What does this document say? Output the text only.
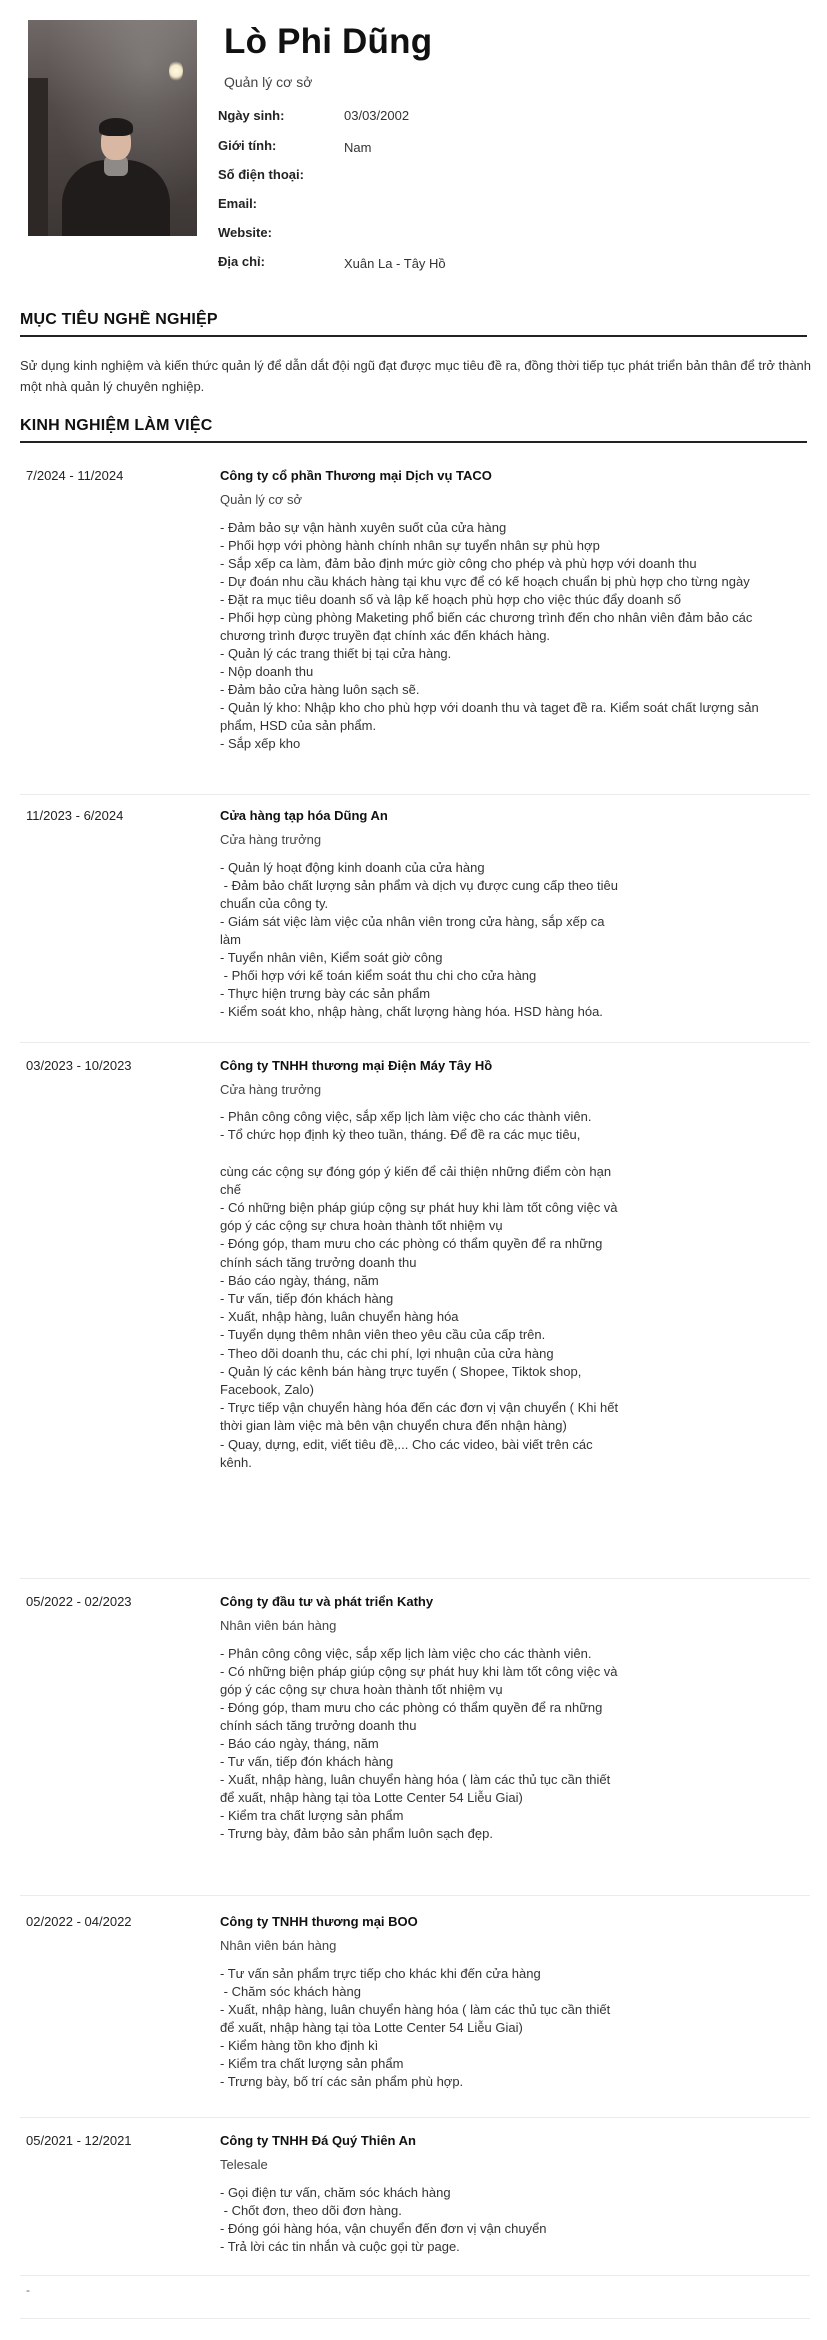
Lò Phi Dũng
Quản lý cơ sở
Ngày sinh:	03/03/2002
Giới tính:	Nam
Số điện thoại:
Email:
Website:
Địa chỉ:	Xuân La - Tây Hồ
MỤC TIÊU NGHỀ NGHIỆP
Sử dụng kinh nghiệm và kiến thức quản lý để dẫn dắt đội ngũ đạt được mục tiêu đề ra, đồng thời tiếp tục phát triển bản thân để trở thành một nhà quản lý chuyên nghiệp.
KINH NGHIỆM LÀM VIỆC
7/2024 - 11/2024	Công ty cổ phần Thương mại Dịch vụ TACO
Quản lý cơ sở

- Đảm bảo sự vận hành xuyên suốt của cửa hàng
- Phối hợp với phòng hành chính nhân sự tuyển nhân sự phù hợp
- Sắp xếp ca làm, đảm bảo định mức giờ công cho phép và phù hợp với doanh thu
- Dự đoán nhu cầu khách hàng tại khu vực để có kế hoạch chuẩn bị phù hợp cho từng ngày
- Đặt ra mục tiêu doanh số và lập kế hoạch phù hợp cho việc thúc đẩy doanh số
- Phối hợp cùng phòng Maketing phổ biến các chương trình đến cho nhân viên đảm bảo các chương trình được truyền đạt chính xác đến khách hàng.
- Quản lý các trang thiết bị tại cửa hàng.
- Nộp doanh thu
- Đảm bảo cửa hàng luôn sạch sẽ.
- Quản lý kho: Nhập kho cho phù hợp với doanh thu và taget đề ra. Kiểm soát chất lượng sản phẩm, HSD của sản phẩm.
- Sắp xếp kho

11/2023 - 6/2024	Cửa hàng tạp hóa Dũng An
Cửa hàng trưởng

- Quản lý hoạt động kinh doanh của cửa hàng
- Đảm bảo chất lượng sản phẩm và dịch vụ được cung cấp theo tiêu chuẩn của công ty.
- Giám sát việc làm việc của nhân viên trong cửa hàng, sắp xếp ca làm
- Tuyển nhân viên, Kiểm soát giờ công
- Phối hợp với kế toán kiểm soát thu chi cho cửa hàng
- Thực hiện trưng bày các sản phẩm
- Kiểm soát kho, nhập hàng, chất lượng hàng hóa. HSD hàng hóa.

03/2023 - 10/2023	Công ty TNHH thương mại Điện Máy Tây Hồ
Cửa hàng trưởng

- Phân công công việc, sắp xếp lịch làm việc cho các thành viên.
- Tổ chức họp định kỳ theo tuần, tháng. Để đề ra các mục tiêu,

cùng các cộng sự đóng góp ý kiến để cải thiện những điểm còn hạn chế
- Có những biện pháp giúp cộng sự phát huy khi làm tốt công việc và góp ý các cộng sự chưa hoàn thành tốt nhiệm vụ
- Đóng góp, tham mưu cho các phòng có thẩm quyền để ra những chính sách tăng trưởng doanh thu
- Báo cáo ngày, tháng, năm
- Tư vấn, tiếp đón khách hàng
- Xuất, nhập hàng, luân chuyển hàng hóa
- Tuyển dụng thêm nhân viên theo yêu cầu của cấp trên.
- Theo dõi doanh thu, các chi phí, lợi nhuận của cửa hàng
- Quản lý các kênh bán hàng trực tuyến ( Shopee, Tiktok shop, Facebook, Zalo)
- Trực tiếp vận chuyển hàng hóa đến các đơn vị vận chuyển ( Khi hết thời gian làm việc mà bên vận chuyển chưa đến nhận hàng)
- Quay, dựng, edit, viết tiêu đề,... Cho các video, bài viết trên các kênh.

05/2022 - 02/2023	Công ty đầu tư và phát triển Kathy
Nhân viên bán hàng

- Phân công công việc, sắp xếp lịch làm việc cho các thành viên.
- Có những biện pháp giúp cộng sự phát huy khi làm tốt công việc và góp ý các cộng sự chưa hoàn thành tốt nhiệm vụ
- Đóng góp, tham mưu cho các phòng có thẩm quyền để ra những chính sách tăng trưởng doanh thu
- Báo cáo ngày, tháng, năm
- Tư vấn, tiếp đón khách hàng
- Xuất, nhập hàng, luân chuyển hàng hóa ( làm các thủ tục cần thiết để xuất, nhập hàng tại tòa Lotte Center 54 Liễu Giai)
- Kiểm tra chất lượng sản phẩm
- Trưng bày, đảm bảo sản phẩm luôn sạch đẹp.

02/2022 - 04/2022	Công ty TNHH thương mại BOO
Nhân viên bán hàng

- Tư vấn sản phẩm trực tiếp cho khác khi đến cửa hàng
- Chăm sóc khách hàng
- Xuất, nhập hàng, luân chuyển hàng hóa ( làm các thủ tục cần thiết để xuất, nhập hàng tại tòa Lotte Center 54 Liễu Giai)
- Kiểm hàng tồn kho định kì
- Kiểm tra chất lượng sản phẩm
- Trưng bày, bố trí các sản phẩm phù hợp.

05/2021 - 12/2021	Công ty TNHH Đá Quý Thiên An
Telesale

- Gọi điện tư vấn, chăm sóc khách hàng
- Chốt đơn, theo dõi đơn hàng.
- Đóng gói hàng hóa, vận chuyển đến đơn vị vận chuyển
- Trả lời các tin nhắn và cuộc gọi từ page.

-
